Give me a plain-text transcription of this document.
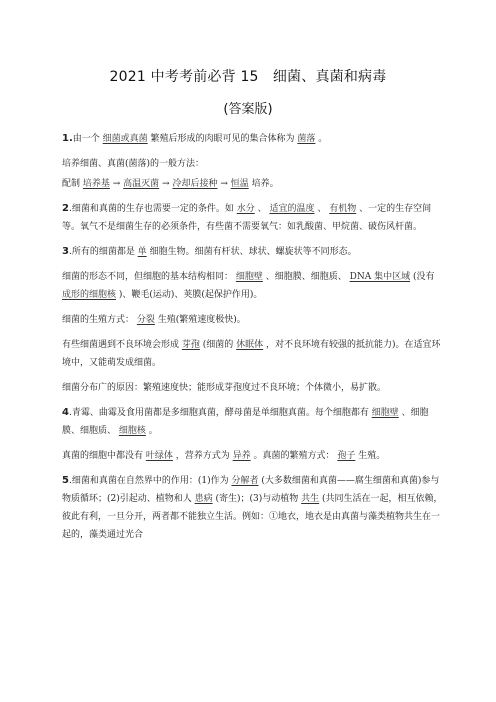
2021 中考考前必背 15　细菌、真菌和病毒
(答案版)

1.由一个 细菌或真菌 繁殖后形成的肉眼可见的集合体称为 菌落 。

培养细菌、真菌(菌落)的一般方法：

配制 培养基 → 高温灭菌 → 冷却后接种 → 恒温 培养。

2.细菌和真菌的生存也需要一定的条件。如 水分 、 适宜的温度 、 有机物 、一定的生存空间等。氧气不是细菌生存的必须条件，有些菌不需要氧气：如乳酸菌、甲烷菌、破伤风杆菌。

3.所有的细菌都是 单 细胞生物。细菌有杆状、球状、螺旋状等不同形态。

细菌的形态不同，但细胞的基本结构相同： 细胞壁 、细胞膜、细胞质、 DNA 集中区域 (没有 成形的细胞核 )、鞭毛(运动)、荚膜(起保护作用)。

细菌的生殖方式： 分裂 生殖(繁殖速度极快)。

有些细菌遇到不良环境会形成 芽孢 (细菌的 休眠体 ，对不良环境有较强的抵抗能力)。在适宜环境中，又能萌发成细菌。

细菌分布广的原因：繁殖速度快；能形成芽孢度过不良环境；个体微小，易扩散。

4.青霉、曲霉及食用菌都是多细胞真菌，酵母菌是单细胞真菌。每个细胞都有 细胞壁 、细胞膜、细胞质、 细胞核 。

真菌的细胞中都没有 叶绿体 ，营养方式为 异养 。真菌的繁殖方式： 孢子 生殖。

5.细菌和真菌在自然界中的作用：(1)作为 分解者 (大多数细菌和真菌——腐生细菌和真菌)参与物质循环；(2)引起动、植物和人 患病 (寄生)；(3)与动植物 共生 (共同生活在一起，相互依赖，彼此有利，一旦分开，两者都不能独立生活。例如：①地衣，地衣是由真菌与藻类植物共生在一起的，藻类通过光合
